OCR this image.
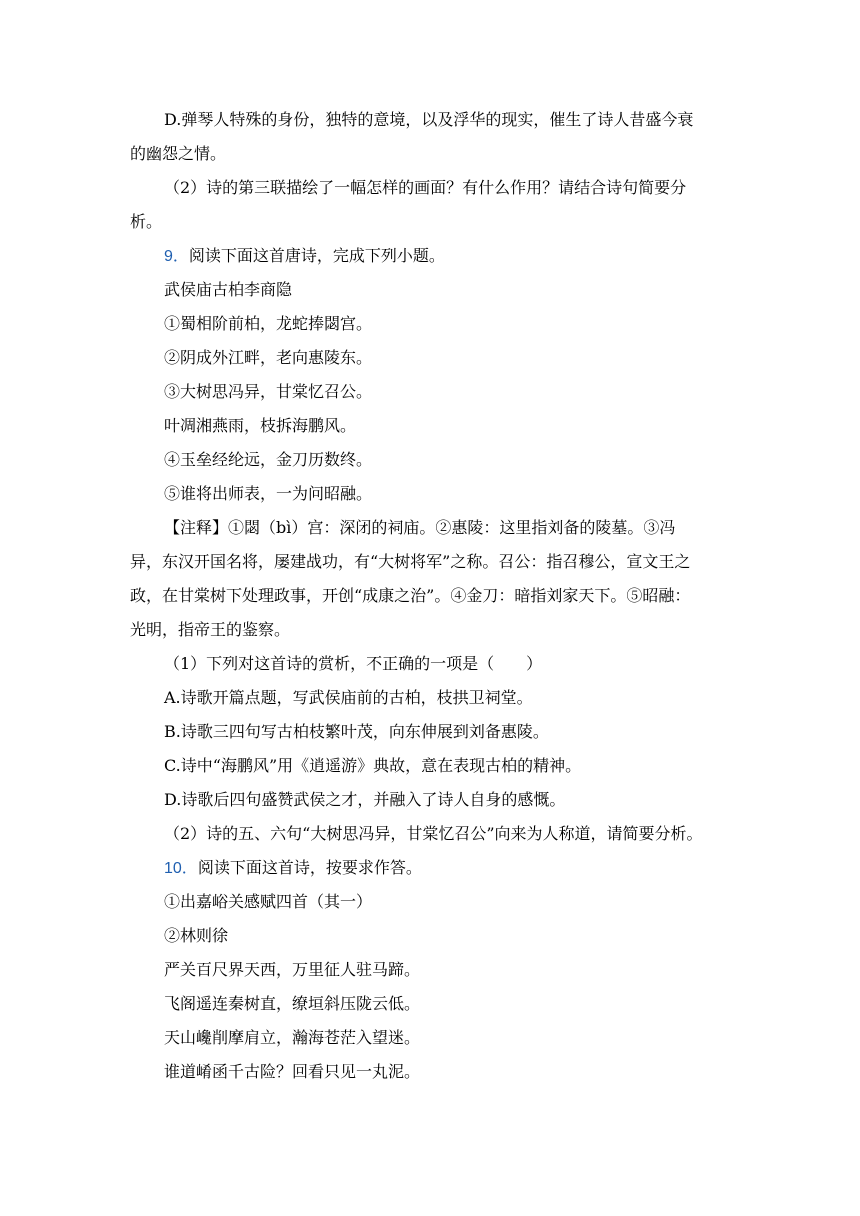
D.弹琴人特殊的身份，独特的意境，以及浮华的现实，催生了诗人昔盛今衰
的幽怨之情。
（2）诗的第三联描绘了一幅怎样的画面？有什么作用？请结合诗句简要分
析。
9．阅读下面这首唐诗，完成下列小题。
武侯庙古柏李商隐
①蜀相阶前柏，龙蛇捧閟宫。
②阴成外江畔，老向惠陵东。
③大树思冯异，甘棠忆召公。
叶凋湘燕雨，枝拆海鹏风。
④玉垒经纶远，金刀历数终。
⑤谁将出师表，一为问昭融。
【注释】①閟（bì）宫：深闭的祠庙。②惠陵：这里指刘备的陵墓。③冯
异，东汉开国名将，屡建战功，有“大树将军”之称。召公：指召穆公，宣文王之
政，在甘棠树下处理政事，开创“成康之治”。④金刀：暗指刘家天下。⑤昭融：
光明，指帝王的鉴察。
（1）下列对这首诗的赏析，不正确的一项是（　　）
A.诗歌开篇点题，写武侯庙前的古柏，枝拱卫祠堂。
B.诗歌三四句写古柏枝繁叶茂，向东伸展到刘备惠陵。
C.诗中“海鹏风”用《逍遥游》典故，意在表现古柏的精神。
D.诗歌后四句盛赞武侯之才，并融入了诗人自身的感慨。
（2）诗的五、六句“大树思冯异，甘棠忆召公”向来为人称道，请简要分析。
10．阅读下面这首诗，按要求作答。
①出嘉峪关感赋四首（其一）
②林则徐
严关百尺界天西，万里征人驻马蹄。
飞阁遥连秦树直，缭垣斜压陇云低。
天山巉削摩肩立，瀚海苍茫入望迷。
谁道崤函千古险？回看只见一丸泥。
